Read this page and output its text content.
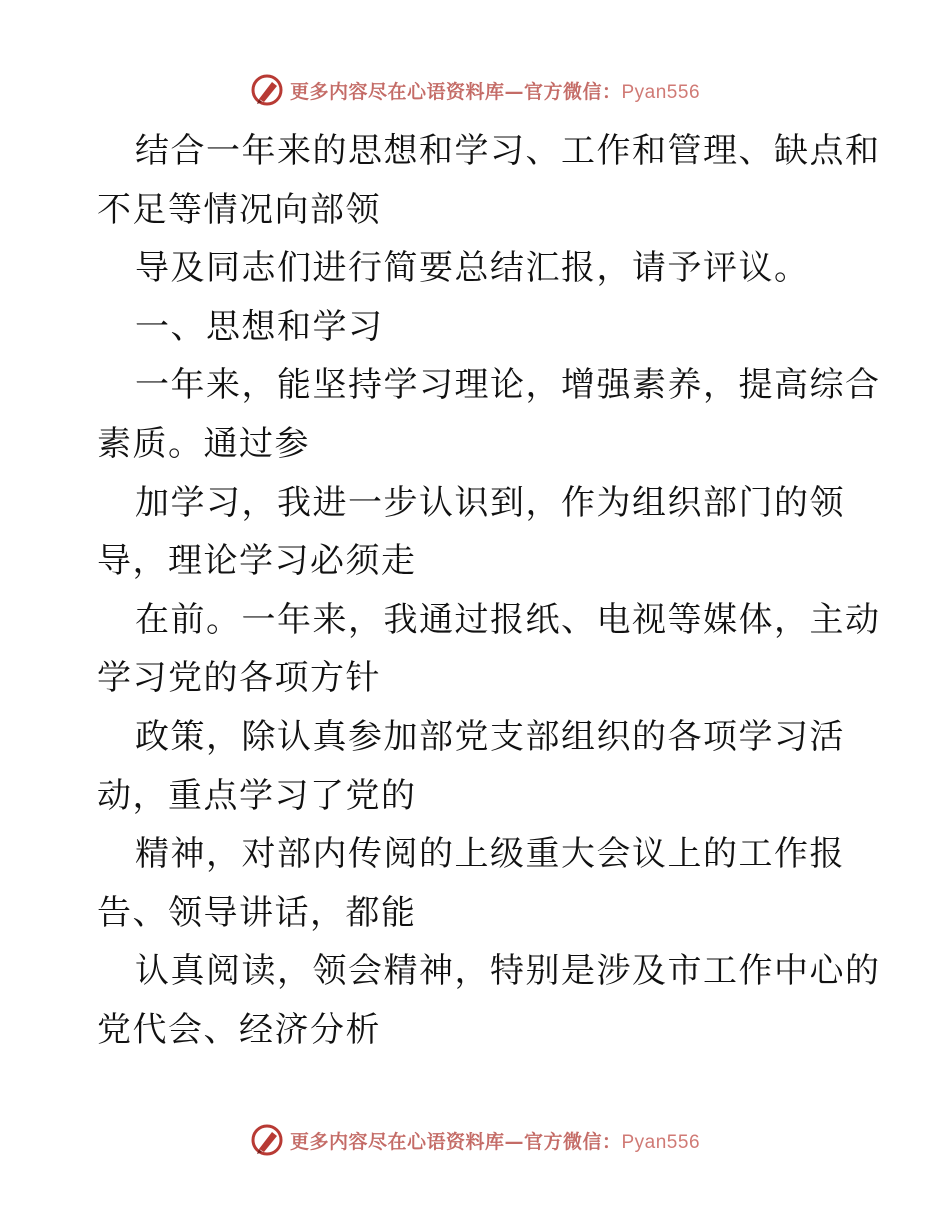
更多内容尽在心语资料库—官方微信：Pyan556
结合一年来的思想和学习、工作和管理、缺点和
不足等情况向部领
导及同志们进行简要总结汇报，请予评议。
一、思想和学习
一年来，能坚持学习理论，增强素养，提高综合
素质。通过参
加学习，我进一步认识到，作为组织部门的领
导，理论学习必须走
在前。一年来，我通过报纸、电视等媒体，主动
学习党的各项方针
政策，除认真参加部党支部组织的各项学习活
动，重点学习了党的
精神，对部内传阅的上级重大会议上的工作报
告、领导讲话，都能
认真阅读，领会精神，特别是涉及市工作中心的
党代会、经济分析
更多内容尽在心语资料库—官方微信：Pyan556
